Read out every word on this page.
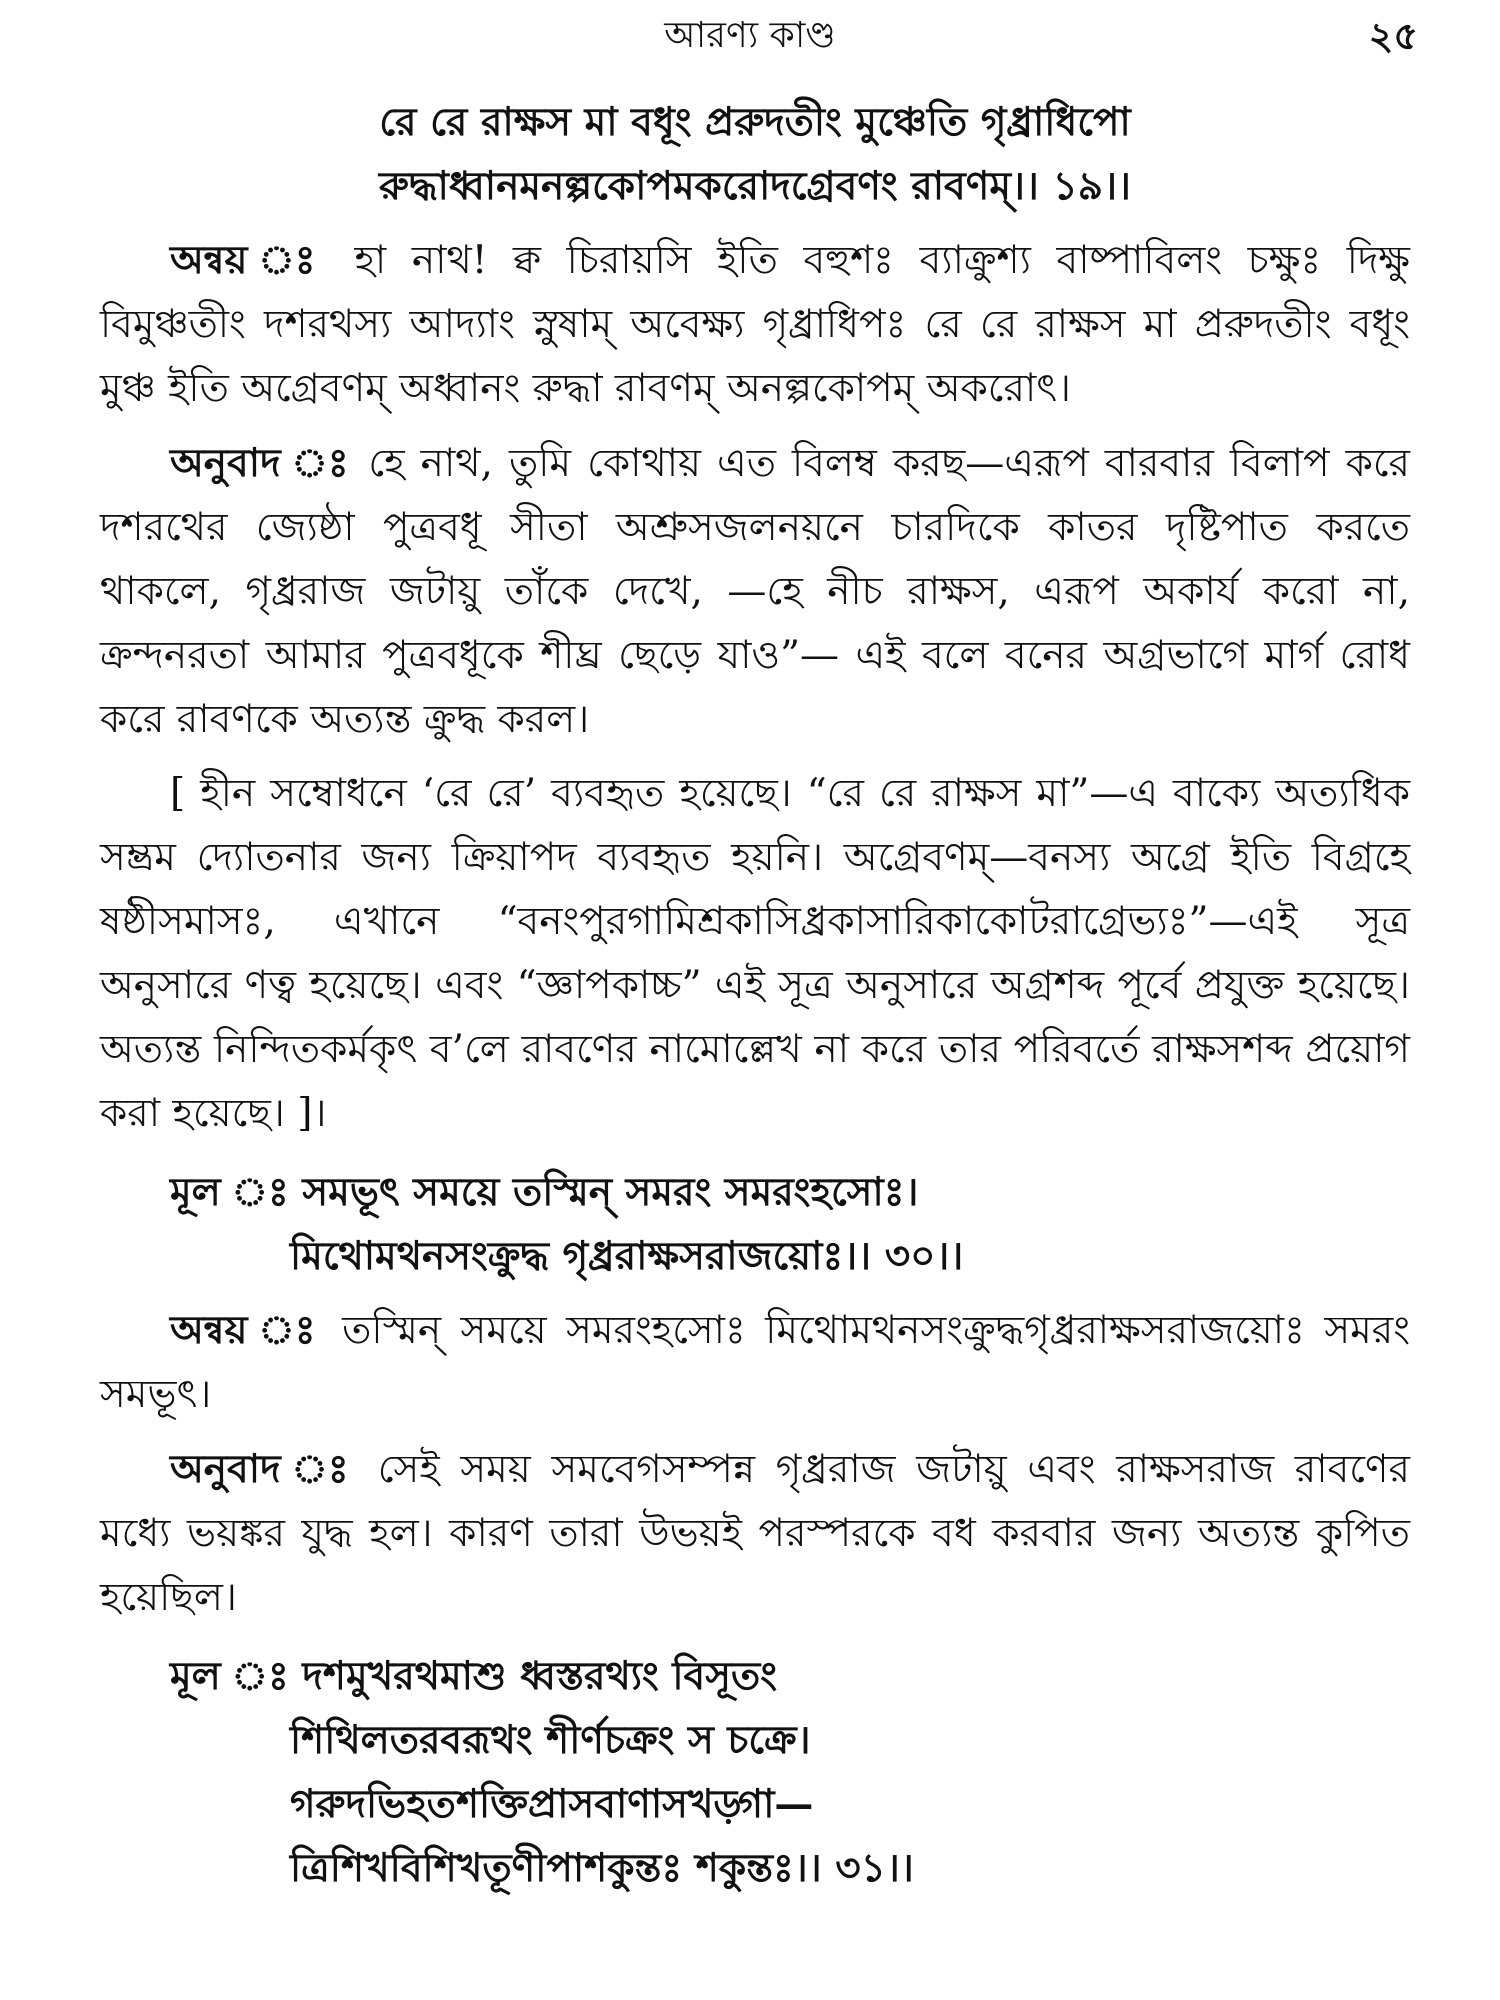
আরণ্য কাণ্ড	২৫

রে রে রাক্ষস মা বধূং প্ররুদতীং মুঞ্চেতি গৃধ্রাধিপো

রুদ্ধাধ্বানমনল্পকোপমকরোদগ্রেবণং রাবণম্।। ১৯।।

অন্বয় ঃ হা নাথ! ক্ব চিরায়সি ইতি বহুশঃ ব্যাক্রুশ্য বাষ্পাবিলং চক্ষুঃ দিক্ষু বিমুঞ্চতীং দশরথস্য আদ্যাং স্নুষাম্ অবেক্ষ্য গৃধ্রাধিপঃ রে রে রাক্ষস মা প্ররুদতীং বধূং মুঞ্চ ইতি অগ্রেবণম্ অধ্বানং রুদ্ধা রাবণম্ অনল্পকোপম্ অকরোৎ।

অনুবাদ ঃ হে নাথ, তুমি কোথায় এত বিলম্ব করছ—এরূপ বারবার বিলাপ করে দশরথের জ্যেষ্ঠা পুত্রবধূ সীতা অশ্রুসজলনয়নে চারদিকে কাতর দৃষ্টিপাত করতে থাকলে, গৃধ্ররাজ জটায়ু তাঁকে দেখে, —হে নীচ রাক্ষস, এরূপ অকার্য করো না, ক্রন্দনরতা আমার পুত্রবধূকে শীঘ্র ছেড়ে যাও”— এই বলে বনের অগ্রভাগে মার্গ রোধ করে রাবণকে অত্যন্ত ক্রুদ্ধ করল।

[ হীন সম্বোধনে ‘রে রে’ ব্যবহৃত হয়েছে। “রে রে রাক্ষস মা”—এ বাক্যে অত্যধিক সম্ভ্রম দ্যোতনার জন্য ক্রিয়াপদ ব্যবহৃত হয়নি। অগ্রেবণম্—বনস্য অগ্রে ইতি বিগ্রহে ষষ্ঠীসমাসঃ, এখানে “বনংপুরগামিশ্রকাসিধ্রকাসারিকাকোটরাগ্রেভ্যঃ”—এই সূত্র অনুসারে ণত্ব হয়েছে। এবং “জ্ঞাপকাচ্চ” এই সূত্র অনুসারে অগ্রশব্দ পূর্বে প্রযুক্ত হয়েছে। অত্যন্ত নিন্দিতকর্মকৃৎ ব’লে রাবণের নামোল্লেখ না করে তার পরিবর্তে রাক্ষসশব্দ প্রয়োগ করা হয়েছে। ]।

মূল ঃ সমভূৎ সময়ে তস্মিন্ সমরং সমরংহসোঃ।
মিথোমথনসংক্রুদ্ধ গৃধ্ররাক্ষসরাজয়োঃ।। ৩০।।

অন্বয় ঃ তস্মিন্ সময়ে সমরংহসোঃ মিথোমথনসংক্রুদ্ধগৃধ্ররাক্ষসরাজয়োঃ সমরং সমভূৎ।

অনুবাদ ঃ সেই সময় সমবেগসম্পন্ন গৃধ্ররাজ জটায়ু এবং রাক্ষসরাজ রাবণের মধ্যে ভয়ঙ্কর যুদ্ধ হল। কারণ তারা উভয়ই পরস্পরকে বধ করবার জন্য অত্যন্ত কুপিত হয়েছিল।

মূল ঃ দশমুখরথমাশু ধ্বস্তরথ্যং বিসূতং
শিথিলতরবরূথং শীর্ণচক্রং স চক্রে।
গরুদভিহতশক্তিপ্রাসবাণাসখড়্গা—
ত্রিশিখবিশিখতূণীপাশকুন্তঃ শকুন্তঃ।। ৩১।।
